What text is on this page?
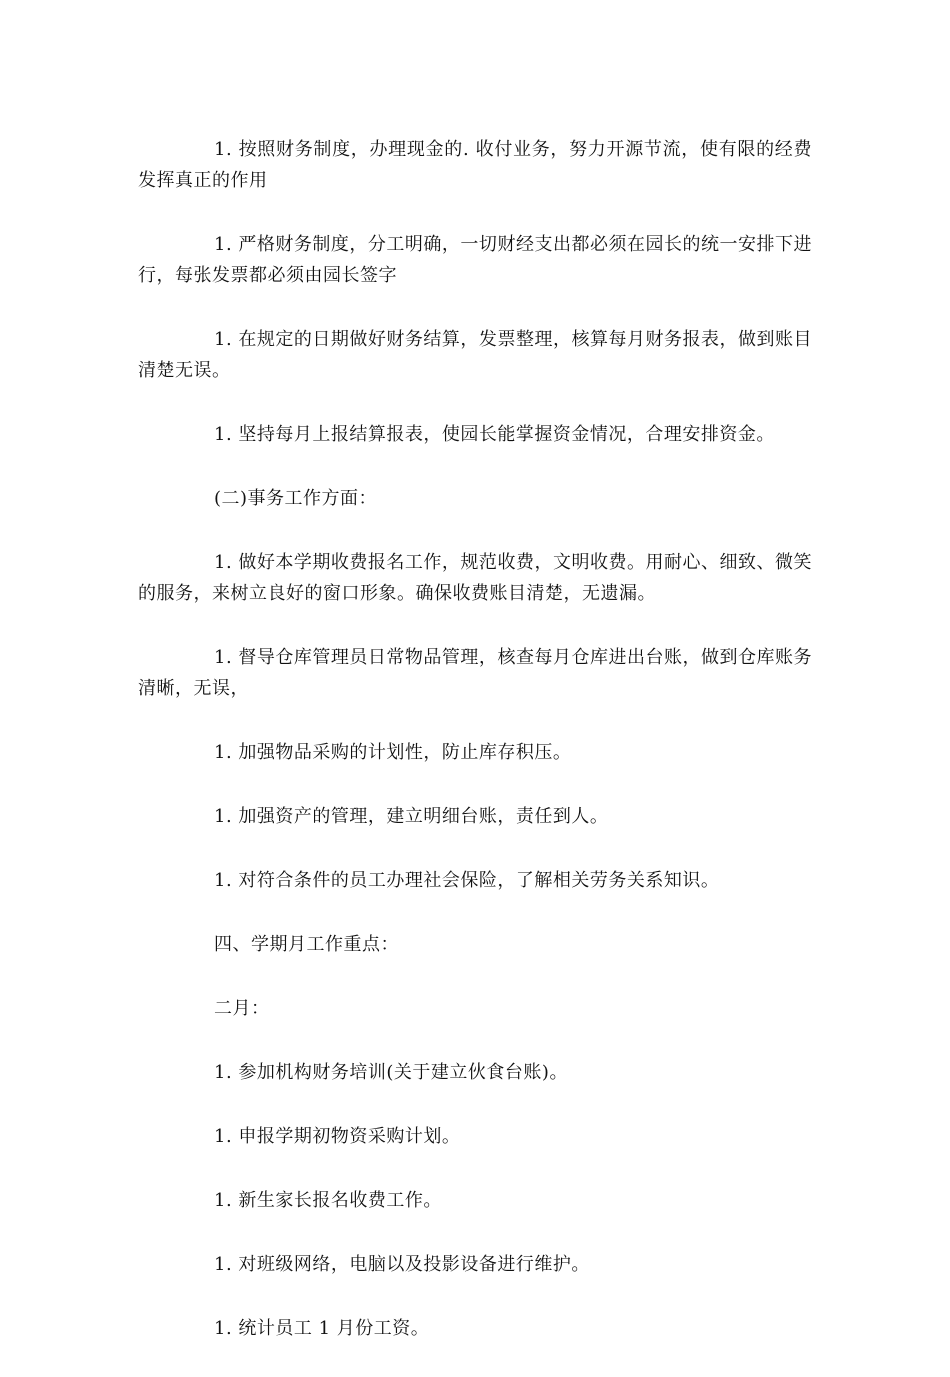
1. 按照财务制度，办理现金的. 收付业务，努力开源节流，使有限的经费发挥真正的作用

1. 严格财务制度，分工明确，一切财经支出都必须在园长的统一安排下进行，每张发票都必须由园长签字

1. 在规定的日期做好财务结算，发票整理，核算每月财务报表，做到账目清楚无误。

1. 坚持每月上报结算报表，使园长能掌握资金情况，合理安排资金。

(二)事务工作方面：

1. 做好本学期收费报名工作，规范收费，文明收费。用耐心、细致、微笑的服务，来树立良好的窗口形象。确保收费账目清楚，无遗漏。

1. 督导仓库管理员日常物品管理，核查每月仓库进出台账，做到仓库账务清晰，无误，

1. 加强物品采购的计划性，防止库存积压。

1. 加强资产的管理，建立明细台账，责任到人。

1. 对符合条件的员工办理社会保险，了解相关劳务关系知识。

四、学期月工作重点：

二月：

1. 参加机构财务培训(关于建立伙食台账)。

1. 申报学期初物资采购计划。

1. 新生家长报名收费工作。

1. 对班级网络，电脑以及投影设备进行维护。

1. 统计员工 1 月份工资。
